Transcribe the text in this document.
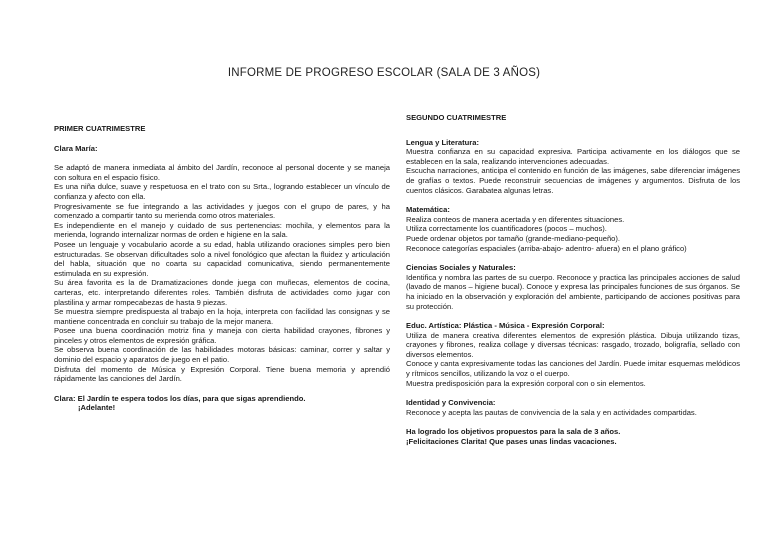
INFORME DE PROGRESO ESCOLAR (SALA DE 3 AÑOS)
PRIMER CUATRIMESTRE
Clara María:
Se adaptó de manera inmediata al ámbito del Jardín, reconoce al personal docente y se maneja con soltura en el espacio físico.
Es una niña dulce, suave y respetuosa en el trato con su Srta., logrando establecer un vínculo de confianza y afecto con ella.
Progresivamente se fue integrando a las actividades y juegos con el grupo de pares, y ha comenzado a compartir tanto su merienda como otros materiales.
Es independiente en el manejo y cuidado de sus pertenencias: mochila, y elementos para la merienda, logrando internalizar normas de orden e higiene en la sala.
Posee un lenguaje y vocabulario acorde a su edad, habla utilizando oraciones simples pero bien estructuradas. Se observan dificultades solo a nivel fonológico que afectan la fluidez y articulación del habla, situación que no coarta su capacidad comunicativa, siendo permanentemente estimulada en su expresión.
Su área favorita es la de Dramatizaciones donde juega con muñecas, elementos de cocina, carteras, etc. interpretando diferentes roles. También disfruta de actividades como jugar con plastilina y armar rompecabezas de hasta 9 piezas.
Se muestra siempre predispuesta al trabajo en la hoja, interpreta con facilidad las consignas y se mantiene concentrada en concluir su trabajo de la mejor manera.
Posee una buena coordinación motriz fina y maneja con cierta habilidad crayones, fibrones y pinceles y otros elementos de expresión gráfica.
Se observa buena coordinación de las habilidades motoras básicas: caminar, correr y saltar y dominio del espacio y aparatos de juego en el patio.
Disfruta del momento de Música y Expresión Corporal. Tiene buena memoria y aprendió rápidamente las canciones del Jardín.
Clara: El Jardín te espera todos los días, para que sigas aprendiendo.
¡Adelante!
SEGUNDO CUATRIMESTRE
Lengua y Literatura:
Muestra confianza en su capacidad expresiva. Participa activamente en los diálogos que se establecen en la sala, realizando intervenciones adecuadas.
Escucha narraciones, anticipa el contenido en función de las imágenes, sabe diferenciar imágenes de grafías o textos. Puede reconstruir secuencias de imágenes y argumentos. Disfruta de los cuentos clásicos. Garabatea algunas letras.
Matemática:
Realiza conteos de manera acertada y en diferentes situaciones.
Utiliza correctamente los cuantificadores (pocos – muchos).
Puede ordenar objetos por tamaño (grande-mediano-pequeño).
Reconoce categorías espaciales (arriba-abajo- adentro- afuera) en el plano gráfico)
Ciencias Sociales y Naturales:
Identifica y nombra las partes de su cuerpo. Reconoce y practica las principales acciones de salud (lavado de manos – higiene bucal). Conoce y expresa las principales funciones de sus órganos. Se ha iniciado en la observación y exploración del ambiente, participando de acciones positivas para su protección.
Educ. Artística: Plástica - Música - Expresión Corporal:
Utiliza de manera creativa diferentes elementos de expresión plástica. Dibuja utilizando tizas, crayones y fibrones, realiza collage y diversas técnicas: rasgado, trozado, boligrafía, sellado con diversos elementos.
Conoce y canta expresivamente todas las canciones del Jardín. Puede imitar esquemas melódicos y rítmicos sencillos, utilizando la voz o el cuerpo.
Muestra predisposición para la expresión corporal con o sin elementos.
Identidad y Convivencia:
Reconoce y acepta las pautas de convivencia de la sala y en actividades compartidas.
Ha logrado los objetivos propuestos para la sala de 3 años.
¡Felicitaciones Clarita! Que pases unas lindas vacaciones.
